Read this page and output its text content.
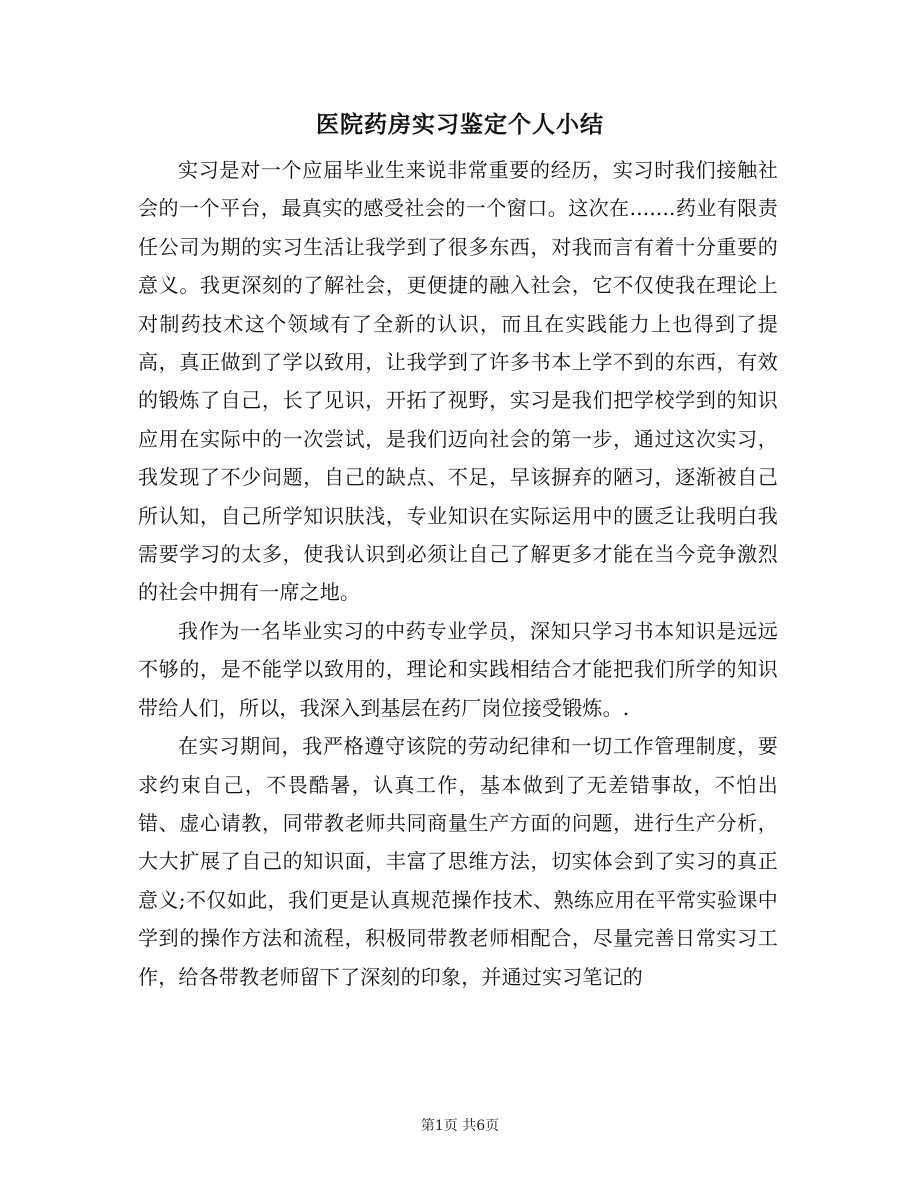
医院药房实习鉴定个人小结

实习是对一个应届毕业生来说非常重要的经历，实习时我们接触社会的一个平台，最真实的感受社会的一个窗口。这次在.......药业有限责任公司为期的实习生活让我学到了很多东西，对我而言有着十分重要的意义。我更深刻的了解社会，更便捷的融入社会，它不仅使我在理论上对制药技术这个领域有了全新的认识，而且在实践能力上也得到了提高，真正做到了学以致用，让我学到了许多书本上学不到的东西，有效的锻炼了自己，长了见识，开拓了视野，实习是我们把学校学到的知识应用在实际中的一次尝试，是我们迈向社会的第一步，通过这次实习，我发现了不少问题，自己的缺点、不足，早该摒弃的陋习，逐渐被自己所认知，自己所学知识肤浅，专业知识在实际运用中的匮乏让我明白我需要学习的太多，使我认识到必须让自己了解更多才能在当今竞争激烈的社会中拥有一席之地。

我作为一名毕业实习的中药专业学员，深知只学习书本知识是远远不够的，是不能学以致用的，理论和实践相结合才能把我们所学的知识带给人们，所以，我深入到基层在药厂岗位接受锻炼。.

在实习期间，我严格遵守该院的劳动纪律和一切工作管理制度，要求约束自己，不畏酷暑，认真工作，基本做到了无差错事故，不怕出错、虚心请教，同带教老师共同商量生产方面的问题，进行生产分析，大大扩展了自己的知识面，丰富了思维方法，切实体会到了实习的真正意义;不仅如此，我们更是认真规范操作技术、熟练应用在平常实验课中学到的操作方法和流程，积极同带教老师相配合，尽量完善日常实习工作，给各带教老师留下了深刻的印象，并通过实习笔记的

第1页 共6页
